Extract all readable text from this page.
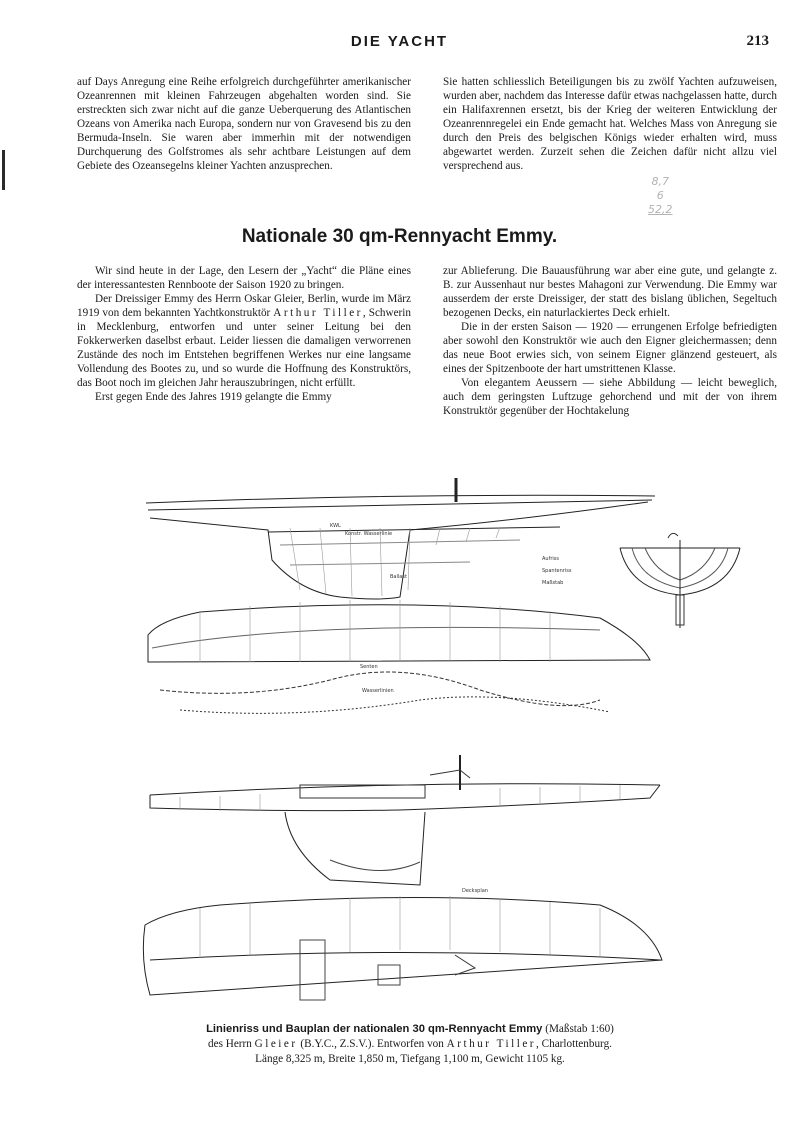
DIE YACHT	213

auf Days Anregung eine Reihe erfolgreich durchgeführter amerikanischer Ozeanrennen mit kleinen Fahrzeugen abgehalten worden sind. Sie erstreckten sich zwar nicht auf die ganze Ueberquerung des Atlantischen Ozeans von Amerika nach Europa, sondern nur von Gravesend bis zu den Bermuda-Inseln. Sie waren aber immerhin mit der notwendigen Durchquerung des Golfstromes als sehr achtbare Leistungen auf dem Gebiete des Ozeansegelns kleiner Yachten anzusprechen.

Sie hatten schliesslich Beteiligungen bis zu zwölf Yachten aufzuweisen, wurden aber, nachdem das Interesse dafür etwas nachgelassen hatte, durch ein Halifaxrennen ersetzt, bis der Krieg der weiteren Entwicklung der Ozeanrennregelei ein Ende gemacht hat. Welches Mass von Anregung sie durch den Preis des belgischen Königs wieder erhalten wird, muss abgewartet werden. Zurzeit sehen die Zeichen dafür nicht allzu viel versprechend aus.

8,7
6
52,2
Nationale 30 qm-Rennyacht Emmy.

Wir sind heute in der Lage, den Lesern der „Yacht“ die Pläne eines der interessantesten Rennboote der Saison 1920 zu bringen.

Der Dreissiger Emmy des Herrn Oskar Gleier, Berlin, wurde im März 1919 von dem bekannten Yachtkonstruktör Arthur Tiller, Schwerin in Mecklenburg, entworfen und unter seiner Leitung bei den Fokkerwerken daselbst erbaut. Leider liessen die damaligen verworrenen Zustände des noch im Entstehen begriffenen Werkes nur eine langsame Vollendung des Bootes zu, und so wurde die Hoffnung des Konstruktörs, das Boot noch im gleichen Jahr herauszubringen, nicht erfüllt.

Erst gegen Ende des Jahres 1919 gelangte die Emmy

zur Ablieferung. Die Bauausführung war aber eine gute, und gelangte z. B. zur Aussenhaut nur bestes Mahagoni zur Verwendung. Die Emmy war ausserdem der erste Dreissiger, der statt des bislang üblichen, Segeltuch bezogenen Decks, ein naturlackiertes Deck erhielt.

Die in der ersten Saison — 1920 — errungenen Erfolge befriedigten aber sowohl den Konstruktör wie auch den Eigner gleichermassen; denn das neue Boot erwies sich, von seinem Eigner glänzend gesteuert, als eines der Spitzenboote der hart umstrittenen Klasse.

Von elegantem Aeussern — siehe Abbildung — leicht beweglich, auch dem geringsten Luftzuge gehorchend und mit der von ihrem Konstruktör gegenüber der Hochtakelung

KWL
Konstr. Wasserlinie
Ballast
Aufriss
Spantenriss
Maßstab
Senten
Wasserlinien
Decksplan
Linienriss und Bauplan der nationalen 30 qm-Rennyacht Emmy (Maßstab 1:60)
des Herrn Gleier (B.Y.C., Z.S.V.). Entworfen von Arthur Tiller, Charlottenburg.
Länge 8,325 m, Breite 1,850 m, Tiefgang 1,100 m, Gewicht 1105 kg.
